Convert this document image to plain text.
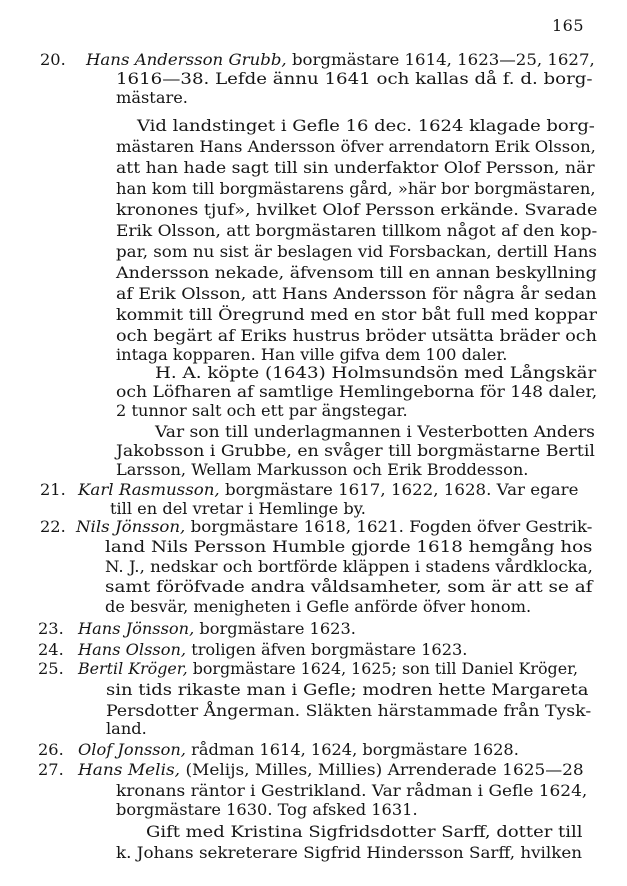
165
20. Hans Andersson Grubb, borgmästare 1614, 1623—25, 1627,
1616—38. Lefde ännu 1641 och kallas då f. d. borg-
mästare.
Vid landstinget i Gefle 16 dec. 1624 klagade borg-
mästaren Hans Andersson öfver arrendatorn Erik Olsson,
att han hade sagt till sin underfaktor Olof Persson, när
han kom till borgmästarens gård, »här bor borgmästaren,
kronones tjuf», hvilket Olof Persson erkände. Svarade
Erik Olsson, att borgmästaren tillkom något af den kop-
par, som nu sist är beslagen vid Forsbackan, dertill Hans
Andersson nekade, äfvensom till en annan beskyllning
af Erik Olsson, att Hans Andersson för några år sedan
kommit till Öregrund med en stor båt full med koppar
och begärt af Eriks hustrus bröder utsätta bräder och
intaga kopparen. Han ville gifva dem 100 daler.
H. A. köpte (1643) Holmsundsön med Långskär
och Löfharen af samtlige Hemlingeborna för 148 daler,
2 tunnor salt och ett par ängstegar.
Var son till underlagmannen i Vesterbotten Anders
Jakobsson i Grubbe, en svåger till borgmästarne Bertil
Larsson, Wellam Markusson och Erik Broddesson.
21. Karl Rasmusson, borgmästare 1617, 1622, 1628. Var egare
till en del vretar i Hemlinge by.
22. Nils Jönsson, borgmästare 1618, 1621. Fogden öfver Gestrik-
land Nils Persson Humble gjorde 1618 hemgång hos
N. J., nedskar och bortförde kläppen i stadens vårdklocka,
samt föröfvade andra våldsamheter, som är att se af
de besvär, menigheten i Gefle anförde öfver honom.
23. Hans Jönsson, borgmästare 1623.
24. Hans Olsson, troligen äfven borgmästare 1623.
25. Bertil Kröger, borgmästare 1624, 1625; son till Daniel Kröger,
sin tids rikaste man i Gefle; modren hette Margareta
Persdotter Ångerman. Släkten härstammade från Tysk-
land.
26. Olof Jonsson, rådman 1614, 1624, borgmästare 1628.
27. Hans Melis, (Melijs, Milles, Millies) Arrenderade 1625—28
kronans räntor i Gestrikland. Var rådman i Gefle 1624,
borgmästare 1630. Tog afsked 1631.
Gift med Kristina Sigfridsdotter Sarff, dotter till
k. Johans sekreterare Sigfrid Hindersson Sarff, hvilken
